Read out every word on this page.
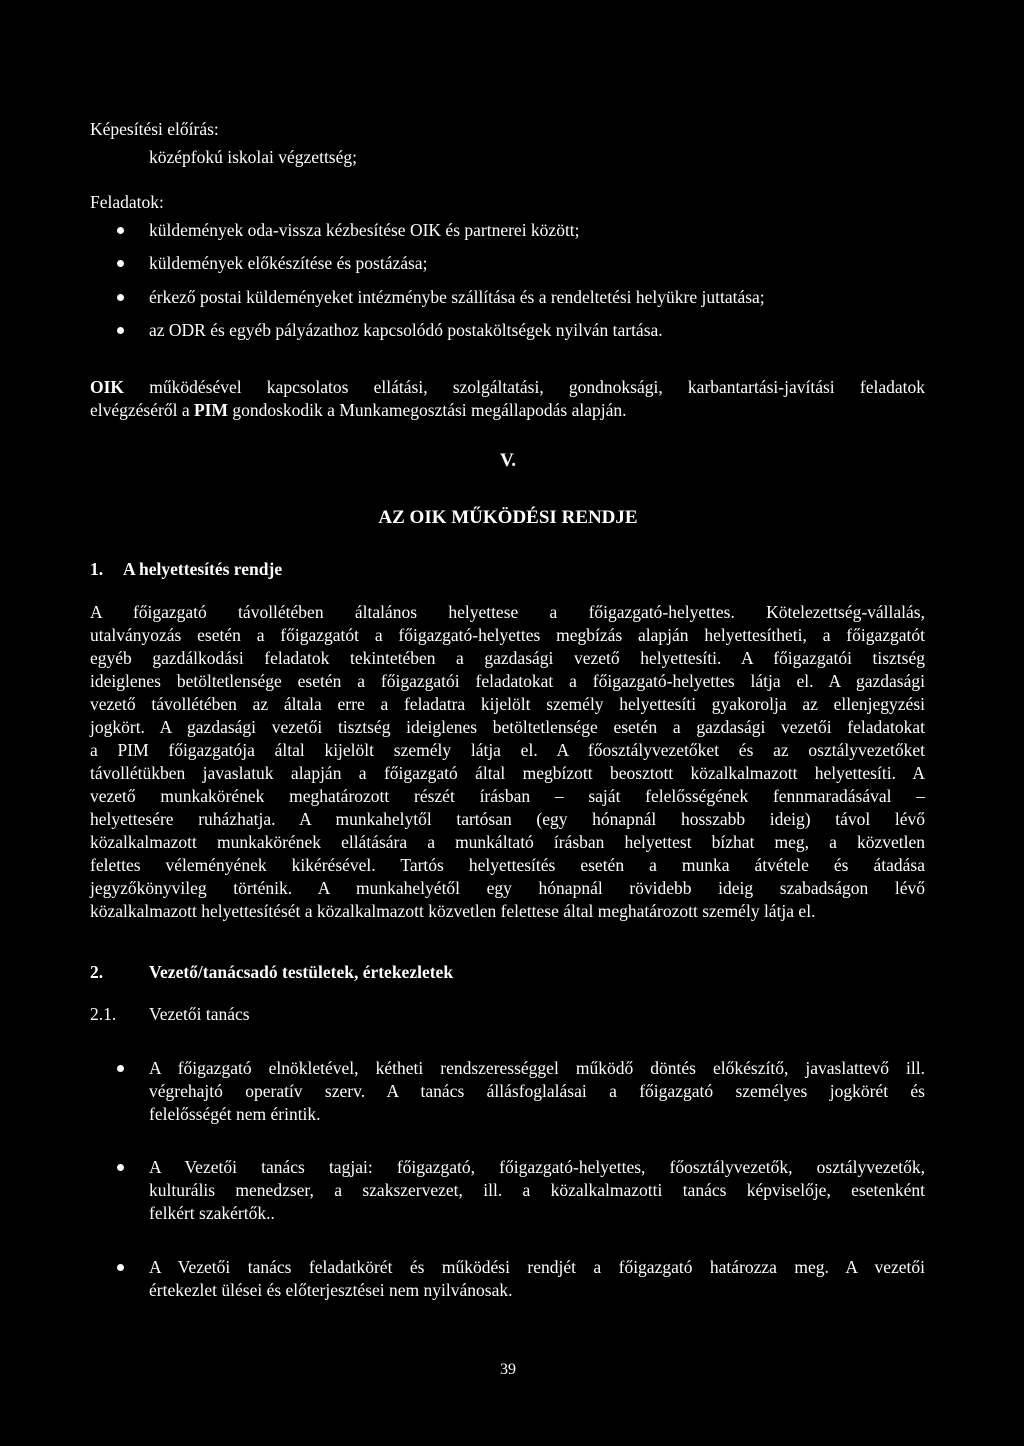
Képesítési előírás:
középfokú iskolai végzettség;
Feladatok:
küldemények oda-vissza kézbesítése OIK és partnerei között;
küldemények előkészítése és postázása;
érkező postai küldeményeket intézménybe szállítása és a rendeltetési helyükre juttatása;
az ODR és egyéb pályázathoz kapcsolódó postaköltségek nyilván tartása.
OIK működésével kapcsolatos ellátási, szolgáltatási, gondnoksági, karbantartási-javítási feladatok
elvégzéséről a PIM gondoskodik a Munkamegosztási megállapodás alapján.
V.
AZ OIK MŰKÖDÉSI RENDJE
1. A helyettesítés rendje
A főigazgató távollétében általános helyettese a főigazgató-helyettes. Kötelezettség-vállalás,
utalványozás esetén a főigazgatót a főigazgató-helyettes megbízás alapján helyettesítheti, a főigazgatót
egyéb gazdálkodási feladatok tekintetében a gazdasági vezető helyettesíti. A főigazgatói tisztség
ideiglenes betöltetlensége esetén a főigazgatói feladatokat a főigazgató-helyettes látja el. A gazdasági
vezető távollétében az általa erre a feladatra kijelölt személy helyettesíti gyakorolja az ellenjegyzési
jogkört. A gazdasági vezetői tisztség ideiglenes betöltetlensége esetén a gazdasági vezetői feladatokat
a PIM főigazgatója által kijelölt személy látja el. A főosztályvezetőket és az osztályvezetőket
távollétükben javaslatuk alapján a főigazgató által megbízott beosztott közalkalmazott helyettesíti. A
vezető munkakörének meghatározott részét írásban – saját felelősségének fennmaradásával –
helyettesére ruházhatja. A munkahelytől tartósan (egy hónapnál hosszabb ideig) távol lévő
közalkalmazott munkakörének ellátására a munkáltató írásban helyettest bízhat meg, a közvetlen
felettes véleményének kikérésével. Tartós helyettesítés esetén a munka átvétele és átadása
jegyzőkönyvileg történik. A munkahelyétől egy hónapnál rövidebb ideig szabadságon lévő
közalkalmazott helyettesítését a közalkalmazott közvetlen felettese által meghatározott személy látja el.
2.	Vezető/tanácsadó testületek, értekezletek
2.1. Vezetői tanács
A főigazgató elnökletével, kétheti rendszerességgel működő döntés előkészítő, javaslattevő ill.
végrehajtó operatív szerv. A tanács állásfoglalásai a főigazgató személyes jogkörét és
felelősségét nem érintik.
A Vezetői tanács tagjai: főigazgató, főigazgató-helyettes, főosztályvezetők, osztályvezetők,
kulturális menedzser, a szakszervezet, ill. a közalkalmazotti tanács képviselője, esetenként
felkért szakértők..
A Vezetői tanács feladatkörét és működési rendjét a főigazgató határozza meg. A vezetői
értekezlet ülései és előterjesztései nem nyilvánosak.
39
